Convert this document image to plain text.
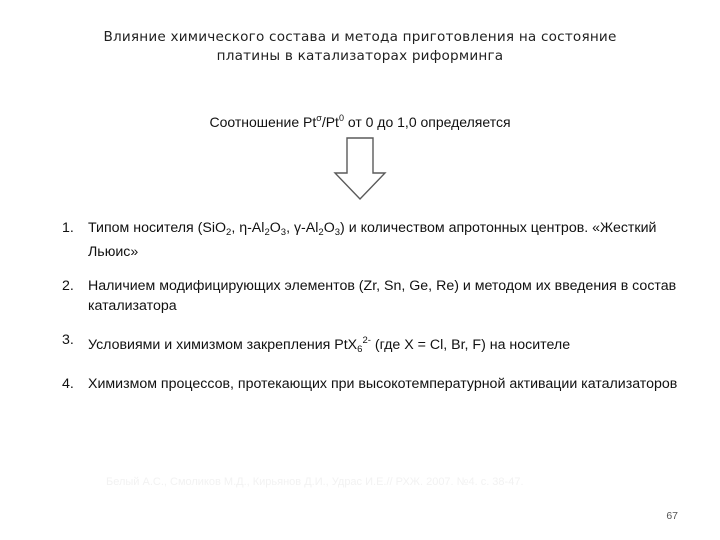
Влияние химического состава и метода приготовления на состояние
платины в катализаторах риформинга
Соотношение $Pt^\sigma/Pt^0$ от 0 до 1,0 определяется
1. Типом носителя (SiO$_2$, $\eta-Al_2O_3$, $\gamma-Al_2O_3$) и количеством апротонных центров. «Жесткий Льюис»
2. Наличием модифицирующих элементов (Zr, Sn, Ge, Re) и методом их введения в состав катализатора
3. Условиями и химизмом закрепления PtX$_6^{2-}$ (где X = Cl, Br, F) на носителе
4. Химизмом процессов, протекающих при высокотемпературной активации катализаторов
Белый А.С., Смоликов М.Д., Кирьянов Д.И., Удрас И.Е.// РХЖ. 2007. №4. с. 38-47.
67
